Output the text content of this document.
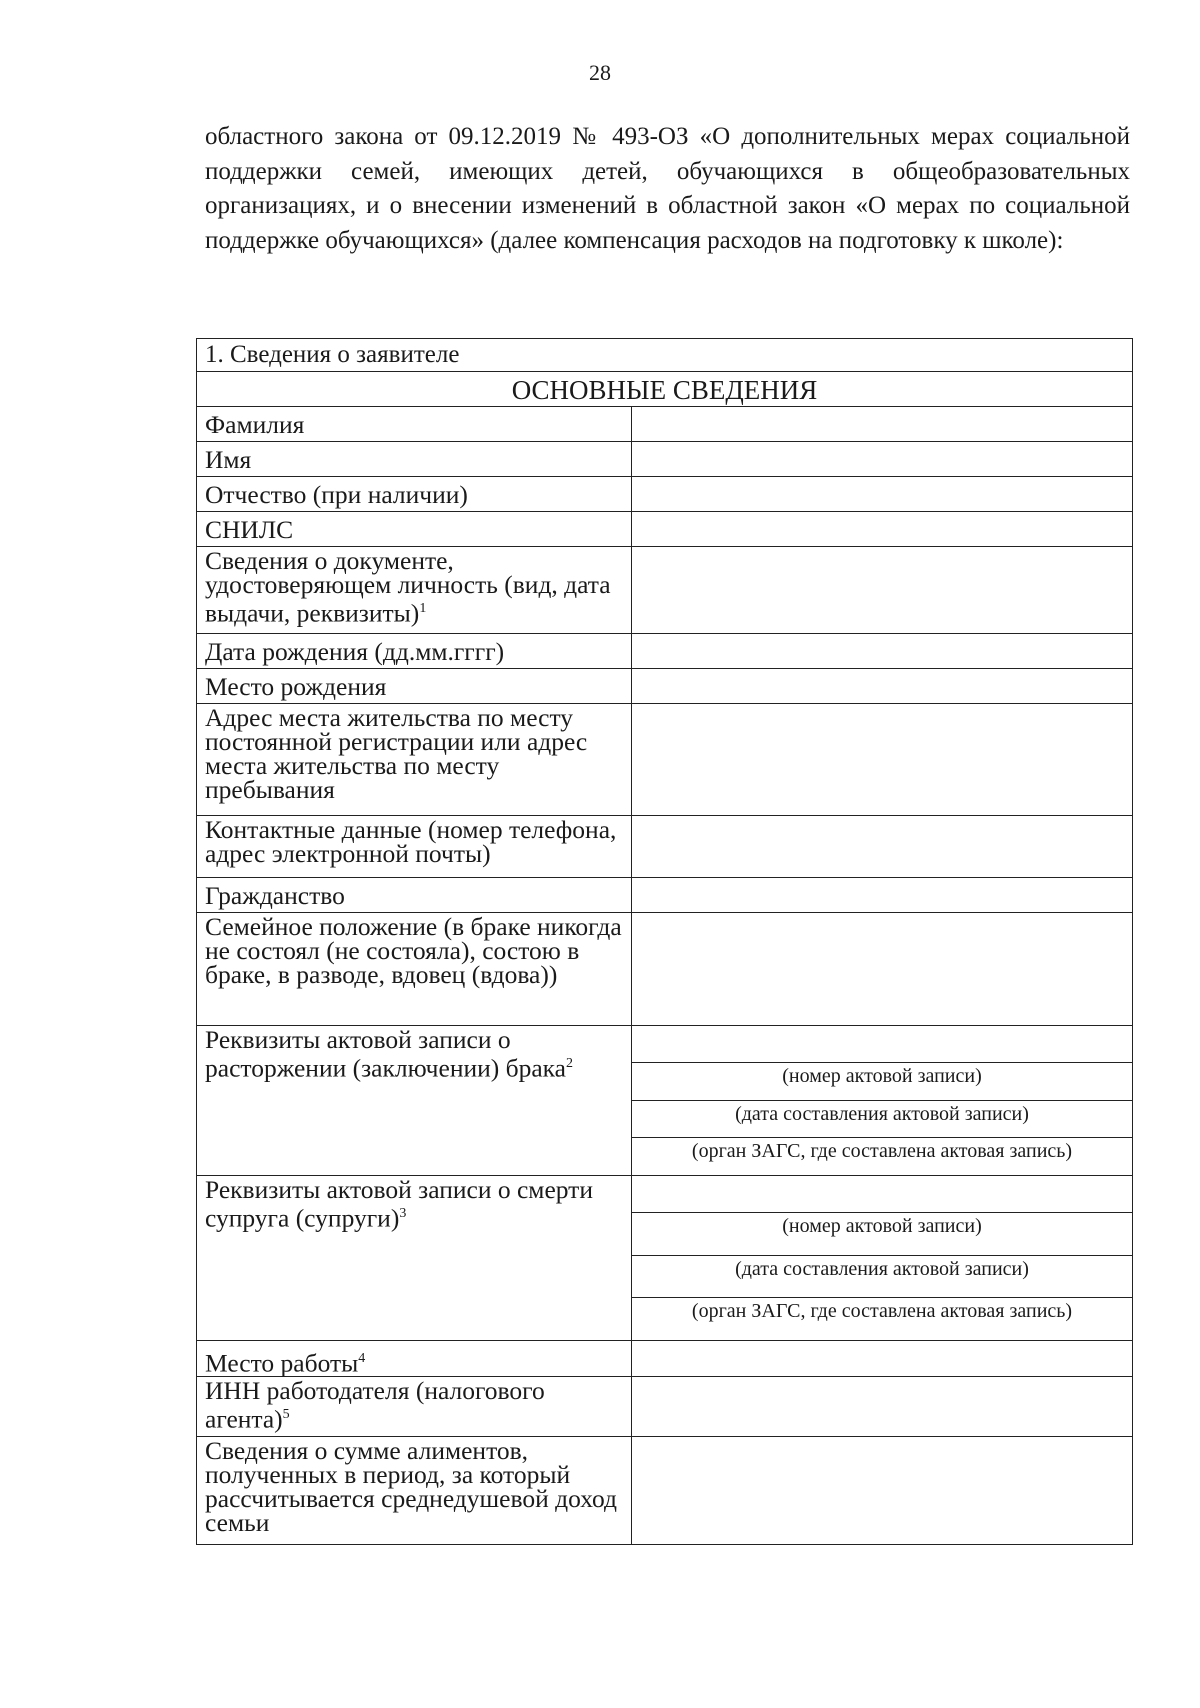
28
областного закона от 09.12.2019 № 493-ОЗ «О дополнительных мерах социальной поддержки семей, имеющих детей, обучающихся в общеобразовательных организациях, и о внесении изменений в областной закон «О мерах по социальной поддержке обучающихся» (далее компенсация расходов на подготовку к школе):
1. Сведения о заявителе
ОСНОВНЫЕ СВЕДЕНИЯ
Фамилия
Имя
Отчество (при наличии)
СНИЛС
Сведения о документе, удостоверяющем личность (вид, дата выдачи, реквизиты)$^1$
Дата рождения (дд.мм.гггг)
Место рождения
Адрес места жительства по месту постоянной регистрации или адрес места жительства по месту пребывания
Контактные данные (номер телефона, адрес электронной почты)
Гражданство
Семейное положение (в браке никогда не состоял (не состояла), состою в браке, в разводе, вдовец (вдова))
Реквизиты актовой записи о расторжении (заключении) брака$^2$
(номер актовой записи)
(дата составления актовой записи)
(орган ЗАГС, где составлена актовая запись)
Реквизиты актовой записи о смерти супруга (супруги)$^3$
(номер актовой записи)
(дата составления актовой записи)
(орган ЗАГС, где составлена актовая запись)
Место работы$^4$
ИНН работодателя (налогового агента)$^5$
Сведения о сумме алиментов, полученных в период, за который рассчитывается среднедушевой доход семьи
